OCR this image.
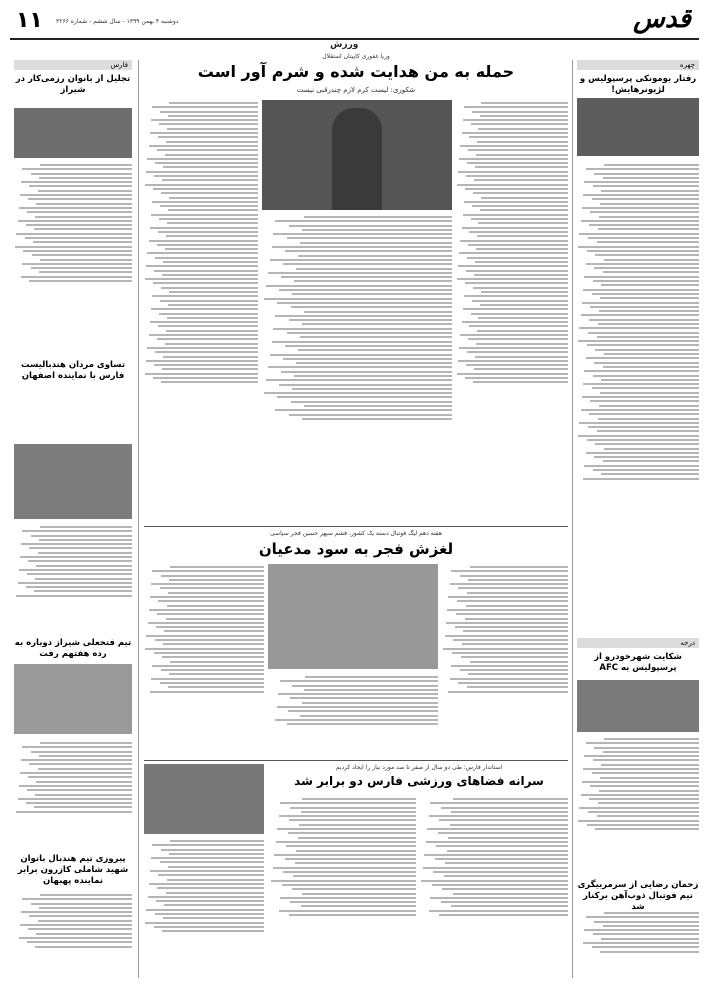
قدس
۱۱ دوشنبه ۴ بهمن ۱۳۹۹ - سال ششم - شماره ۳۲۶۶
ورزش
فارس
تجلیل از بانوان رزمی‌کار در شیراز
تساوی مردان هندبالیست فارس با نماینده اصفهان
تیم فتحعلی شیراز دوباره به رده هفتهم رفت
پیروزی تیم هندبال بانوان شهید شاملی کازرون برابر نماینده پهبهان
چهره
رفتار یومونکی پرسپولیس و لژیونرهایش!
درجه
شکایت شهرخودرو از پرسپولیس به AFC
زحمان رضایی از سرمربیگری تیم فوتبال ذوب‌آهن برکنار شد
وریا غفوری کاپیتان استقلال
حمله به من هدایت شده و شرم آور است
شکوری: لیست کرم لازم چندرقبی نیست
هفته دهم لیگ فوتبال دسته یک کشور، قشم سپهر حسین فجر سپاسی
لغزش فجر به سود مدعیان
استاندار فارس: طی دو سال از صفر تا صد مورد نیاز را ایجاد کردیم
سرانه فضاهای ورزشی فارس دو برابر شد
